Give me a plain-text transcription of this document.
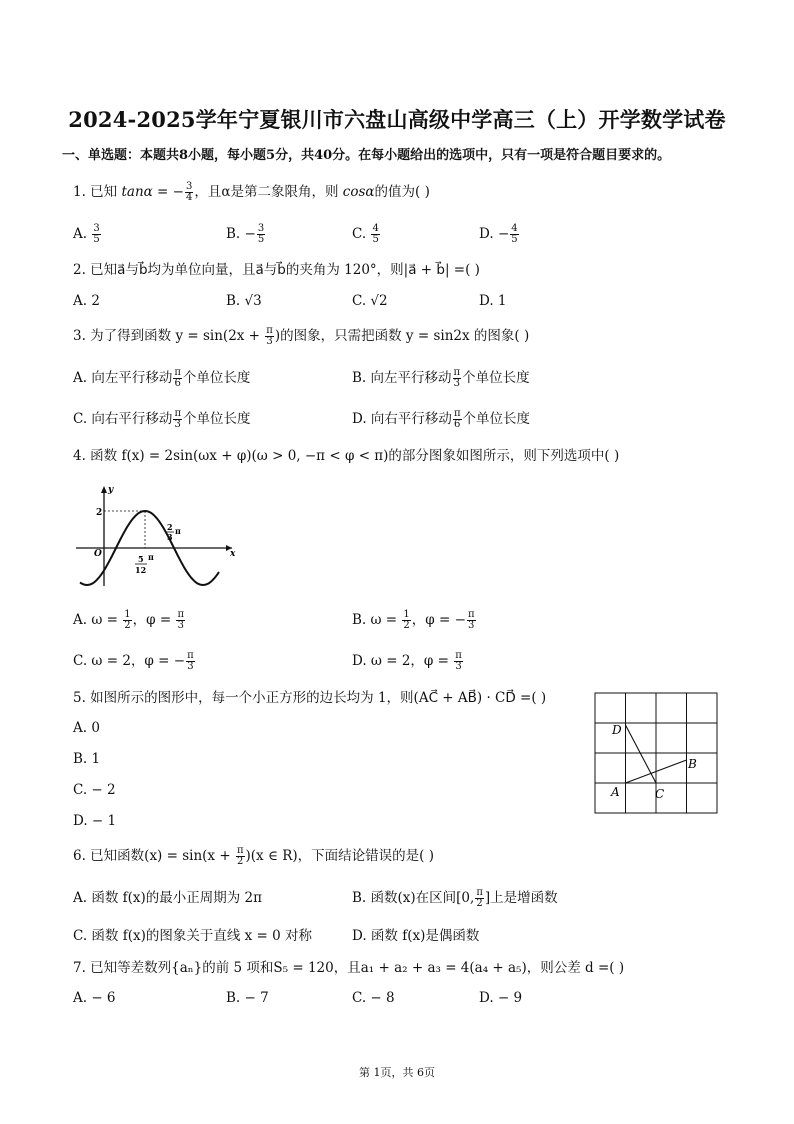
2024-2025学年宁夏银川市六盘山高级中学高三（上）开学数学试卷
一、单选题：本题共8小题，每小题5分，共40分。在每小题给出的选项中，只有一项是符合题目要求的。
1. 已知 tanα = − $\frac{3}{4}$ ，且α是第二象限角，则 cosα的值为( )
A. $\frac{3}{5}$	B. − $\frac{3}{5}$	C. $\frac{4}{5}$	D. − $\frac{4}{5}$
2. 已知a⃗与b⃗均为单位向量，且a⃗与b⃗的夹角为 120°，则|a⃗ + b⃗| =( )
A. 2	B. √3	C. √2	D. 1
3. 为了得到函数 $y = \sin(2x + \frac{\pi}{3}$ )的图象，只需把函数 y = sin2x 的图象( )
A. 向左平行移动 $\frac{\pi}{6}$ 个单位长度	B. 向左平行移动 $\frac{\pi}{3}$ 个单位长度
C. 向右平行移动 $\frac{\pi}{3}$ 个单位长度	D. 向右平行移动 $\frac{\pi}{6}$ 个单位长度
4. 函数 f(x) = 2sin(ωx + φ)(ω > 0, −π < φ < π)的部分图象如图所示，则下列选项中( )
y
x
O
2
5
12
π
2
3
π
A. $\omega = \frac{1}{2}$ ，$\varphi = \frac{\pi}{3}$	B. $\omega = \frac{1}{2}$ ，φ = − $\frac{\pi}{3}$
C. ω = 2，φ = − $\frac{\pi}{3}$	D. ω = 2，$\varphi = \frac{\pi}{3}$
5. 如图所示的图形中，每一个小正方形的边长均为 1，则(AC⃗ + AB⃗) · CD⃗ =( )
A. 0
B. 1
C. − 2
D. − 1
D
B
A	C
6. 已知函数$(x) = \sin(x + \frac{\pi}{2} )(x$ ∈ R)，下面结论错误的是( )
A. 函数 f(x)的最小正周期为 2π	B. 函数(x)在区间[0, $\frac{\pi}{2}$ ]上是增函数
C. 函数 f(x)的图象关于直线 x = 0 对称	D. 函数 f(x)是偶函数
7. 已知等差数列{aₙ}的前 5 项和S₅ = 120，且a₁ + a₂ + a₃ = 4(a₄ + a₅)，则公差 d =( )
A. − 6	B. − 7	C. − 8	D. − 9
第 1页，共 6页
